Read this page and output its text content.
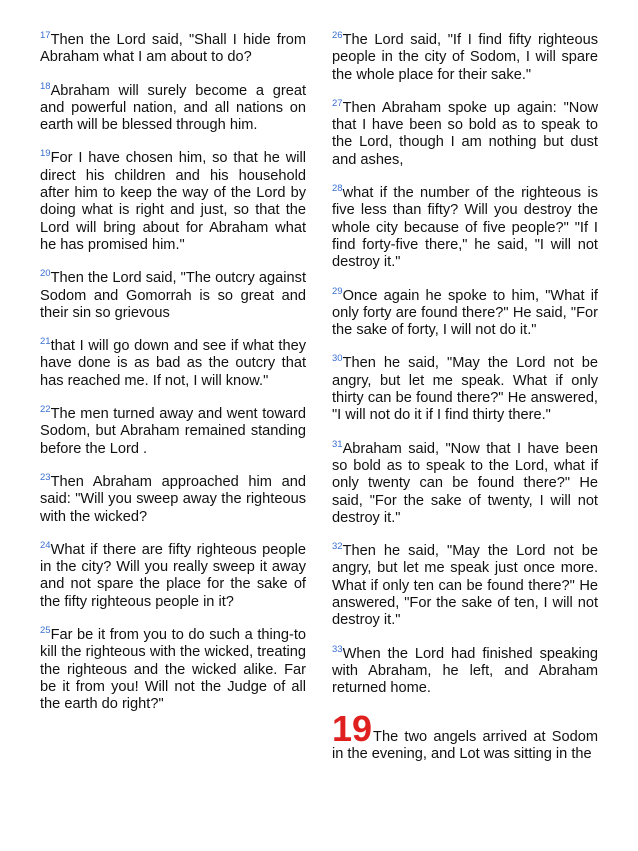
$^{17}$Then the Lord said, "Shall I hide from Abraham what I am about to do?

$^{18}$Abraham will surely become a great and powerful nation, and all nations on earth will be blessed through him.

$^{19}$For I have chosen him, so that he will direct his children and his household after him to keep the way of the Lord by doing what is right and just, so that the Lord will bring about for Abraham what he has promised him."

$^{20}$Then the Lord said, "The outcry against Sodom and Gomorrah is so great and their sin so grievous

$^{21}$that I will go down and see if what they have done is as bad as the outcry that has reached me. If not, I will know."

$^{22}$The men turned away and went toward Sodom, but Abraham remained standing before the Lord .

$^{23}$Then Abraham approached him and said: "Will you sweep away the righteous with the wicked?

$^{24}$What if there are fifty righteous people in the city? Will you really sweep it away and not spare the place for the sake of the fifty righteous people in it?

$^{25}$Far be it from you to do such a thing-to kill the righteous with the wicked, treating the righteous and the wicked alike. Far be it from you! Will not the Judge of all the earth do right?"

$^{26}$The Lord said, "If I find fifty righteous people in the city of Sodom, I will spare the whole place for their sake."

$^{27}$Then Abraham spoke up again: "Now that I have been so bold as to speak to the Lord, though I am nothing but dust and ashes,

$^{28}$what if the number of the righteous is five less than fifty? Will you destroy the whole city because of five people?" "If I find forty-five there," he said, "I will not destroy it."

$^{29}$Once again he spoke to him, "What if only forty are found there?" He said, "For the sake of forty, I will not do it."

$^{30}$Then he said, "May the Lord not be angry, but let me speak. What if only thirty can be found there?" He answered, "I will not do it if I find thirty there."

$^{31}$Abraham said, "Now that I have been so bold as to speak to the Lord, what if only twenty can be found there?" He said, "For the sake of twenty, I will not destroy it."

$^{32}$Then he said, "May the Lord not be angry, but let me speak just once more. What if only ten can be found there?" He answered, "For the sake of ten, I will not destroy it."

$^{33}$When the Lord had finished speaking with Abraham, he left, and Abraham returned home.

19The two angels arrived at Sodom in the evening, and Lot was sitting in the
